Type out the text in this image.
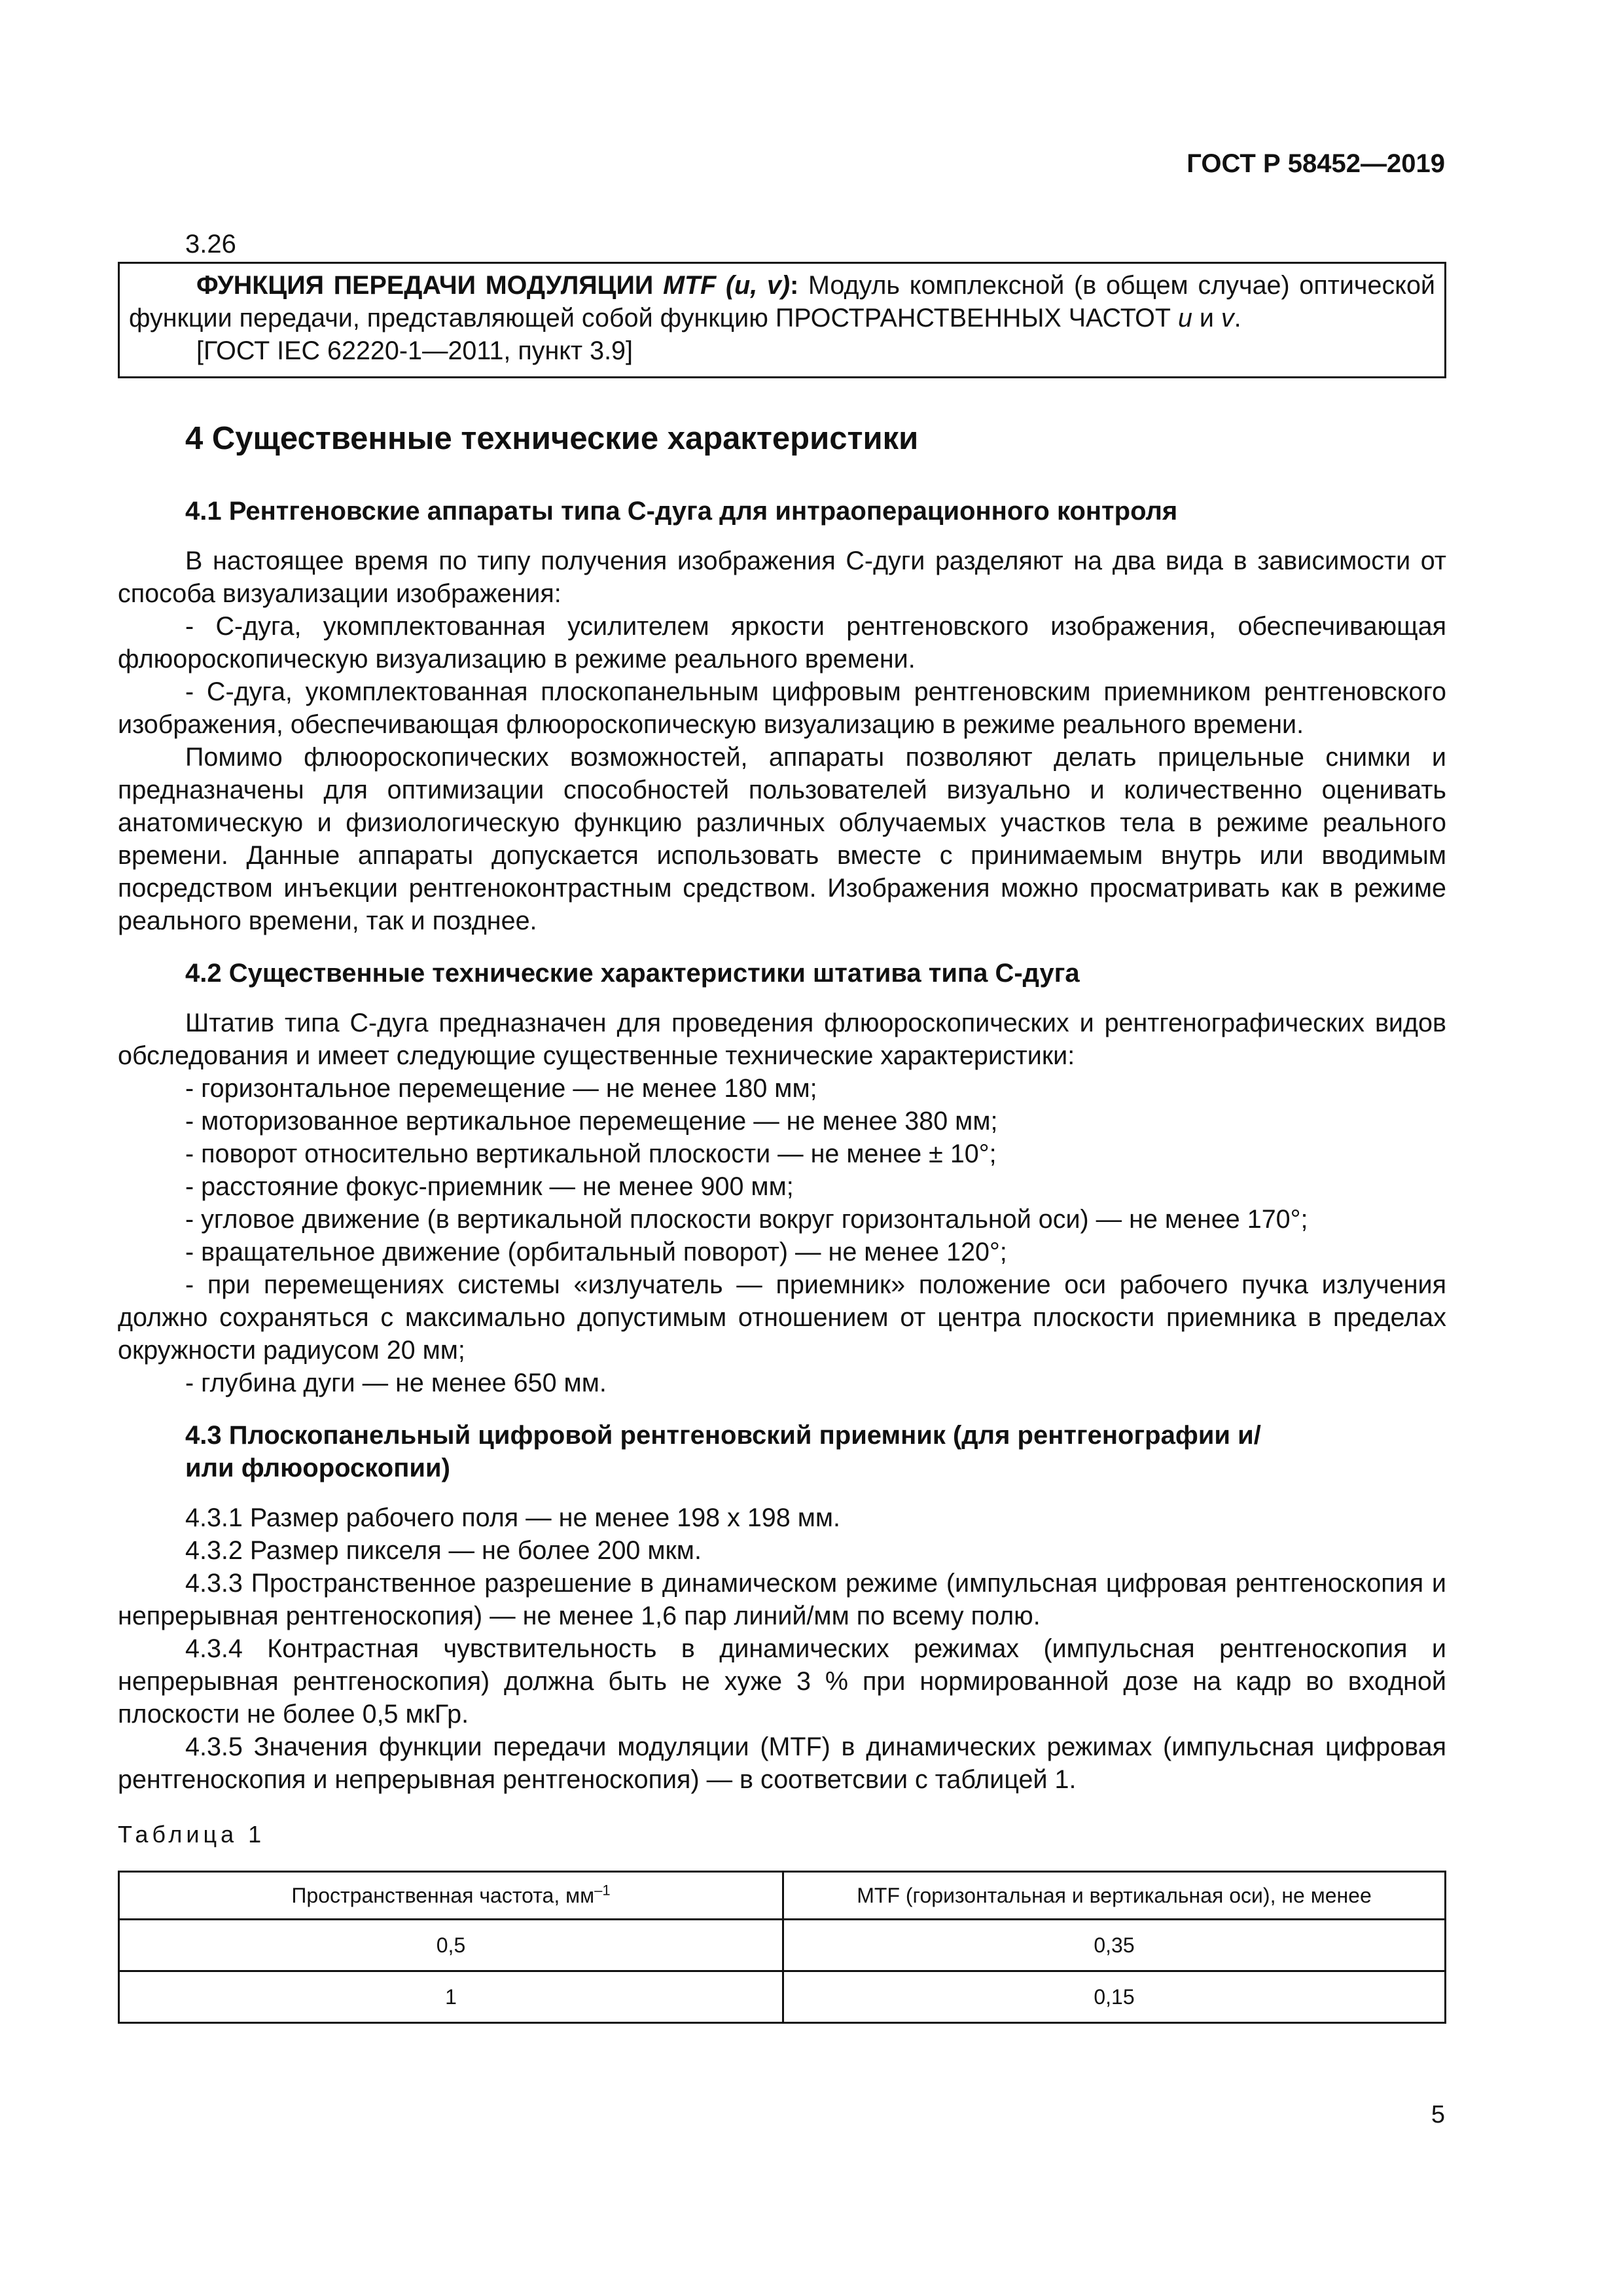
ГОСТ Р 58452—2019
3.26

ФУНКЦИЯ ПЕРЕДАЧИ МОДУЛЯЦИИ MTF (u, v): Модуль комплексной (в общем случае) оптической функции передачи, представляющей собой функцию ПРОСТРАНСТВЕННЫХ ЧАСТОТ u и v.

[ГОСТ IEC 62220-1—2011, пункт 3.9]

4 Существенные технические характеристики
4.1 Рентгеновские аппараты типа С-дуга для интраоперационного контроля

В настоящее время по типу получения изображения С-дуги разделяют на два вида в зависимости от способа визуализации изображения:

- С-дуга, укомплектованная усилителем яркости рентгеновского изображения, обеспечивающая флюороскопическую визуализацию в режиме реального времени.

- С-дуга, укомплектованная плоскопанельным цифровым рентгеновским приемником рентгеновского изображения, обеспечивающая флюороскопическую визуализацию в режиме реального времени.

Помимо флюороскопических возможностей, аппараты позволяют делать прицельные снимки и предназначены для оптимизации способностей пользователей визуально и количественно оценивать анатомическую и физиологическую функцию различных облучаемых участков тела в режиме реального времени. Данные аппараты допускается использовать вместе с принимаемым внутрь или вводимым посредством инъекции рентгеноконтрастным средством. Изображения можно просматривать как в режиме реального времени, так и позднее.

4.2 Существенные технические характеристики штатива типа С-дуга

Штатив типа С-дуга предназначен для проведения флюороскопических и рентгенографических видов обследования и имеет следующие существенные технические характеристики:

- горизонтальное перемещение — не менее 180 мм;

- моторизованное вертикальное перемещение — не менее 380 мм;

- поворот относительно вертикальной плоскости — не менее ± 10°;

- расстояние фокус-приемник — не менее 900 мм;

- угловое движение (в вертикальной плоскости вокруг горизонтальной оси) — не менее 170°;

- вращательное движение (орбитальный поворот) — не менее 120°;

- при перемещениях системы «излучатель — приемник» положение оси рабочего пучка излучения должно сохраняться с максимально допустимым отношением от центра плоскости приемника в пределах окружности радиусом 20 мм;

- глубина дуги — не менее 650 мм.

4.3 Плоскопанельный цифровой рентгеновский приемник (для рентгенографии и/или флюороскопии)

4.3.1 Размер рабочего поля — не менее 198 х 198 мм.

4.3.2 Размер пикселя — не более 200 мкм.

4.3.3 Пространственное разрешение в динамическом режиме (импульсная цифровая рентгеноскопия и непрерывная рентгеноскопия) — не менее 1,6 пар линий/мм по всему полю.

4.3.4 Контрастная чувствительность в динамических режимах (импульсная рентгеноскопия и непрерывная рентгеноскопия) должна быть не хуже 3 % при нормированной дозе на кадр во входной плоскости не более 0,5 мкГр.

4.3.5 Значения функции передачи модуляции (MTF) в динамических режимах (импульсная цифровая рентгеноскопия и непрерывная рентгеноскопия) — в соответсвии с таблицей 1.

Таблица 1
Пространственная частота, $мм^{-1}$	MTF (горизонтальная и вертикальная оси), не менее
0,5	0,35
1	0,15
5
